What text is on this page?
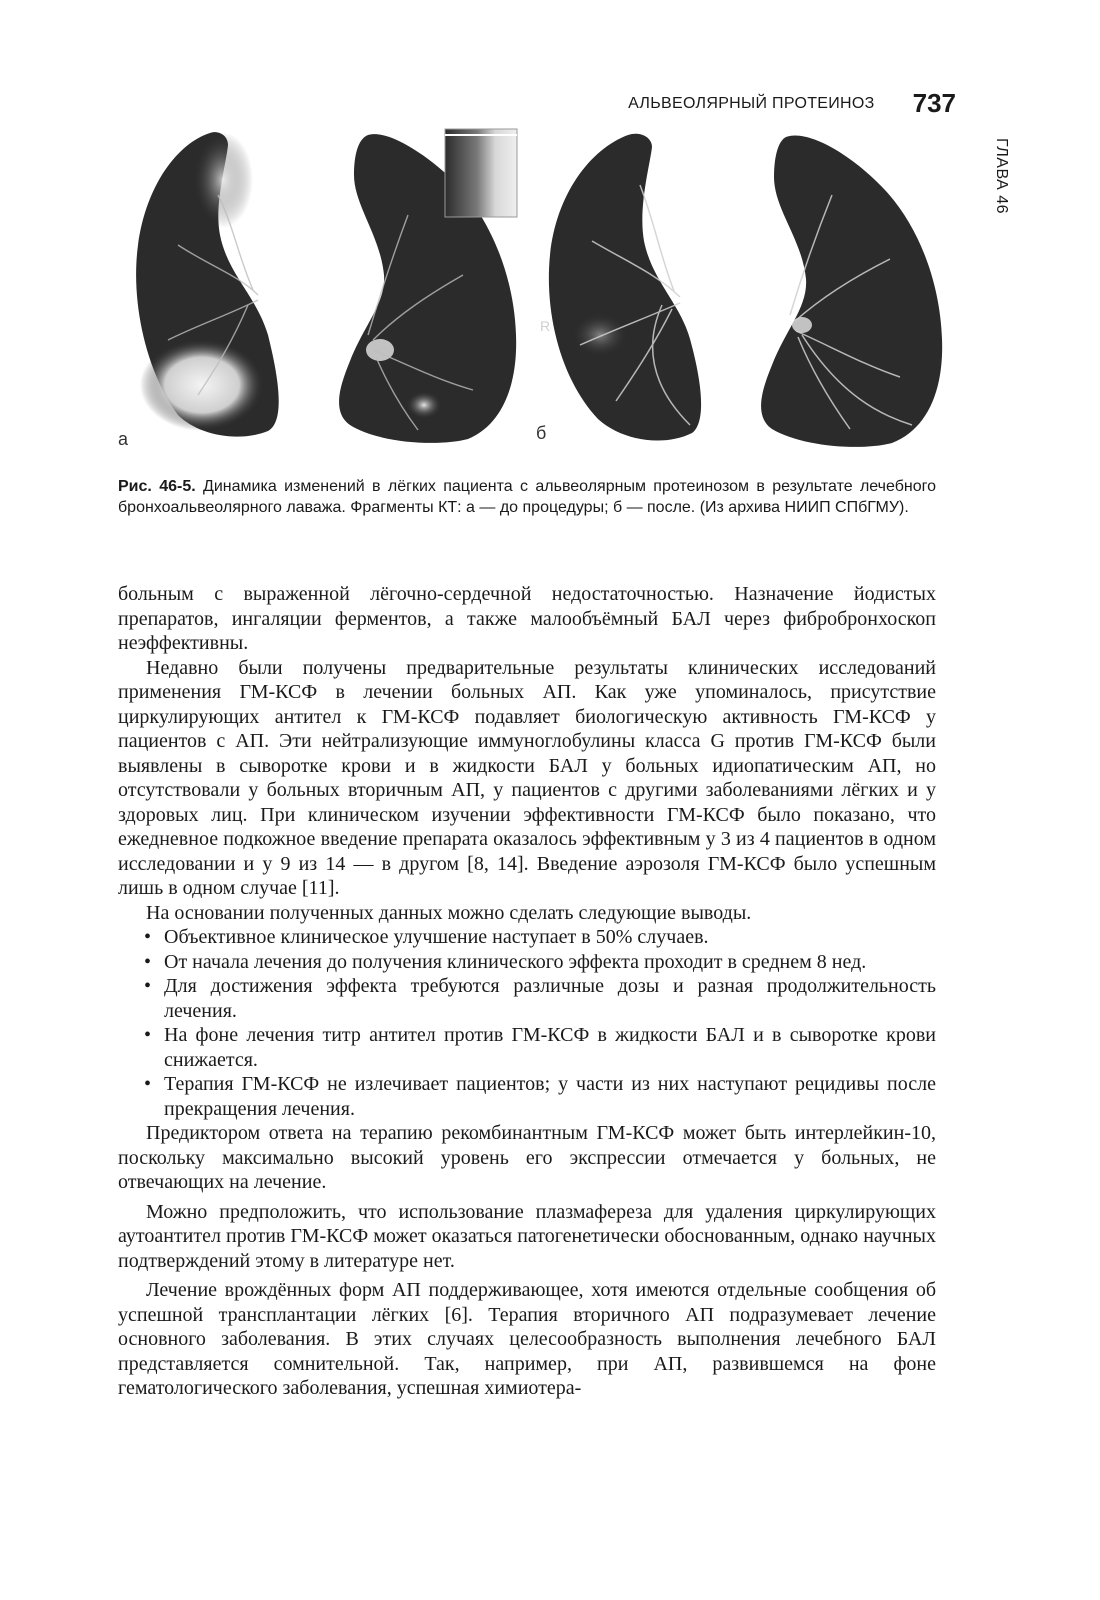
АЛЬВЕОЛЯРНЫЙ ПРОТЕИНОЗ 737
ГЛАВА 46
а
R
б
Рис. 46-5. Динамика изменений в лёгких пациента с альвеолярным протеинозом в результате лечебного бронхоальвеолярного лаважа. Фрагменты КТ: а — до процедуры; б — после. (Из архива НИИП СПбГМУ).

больным с выраженной лёгочно-сердечной недостаточностью. Назначение йодистых препаратов, ингаляции ферментов, а также малообъёмный БАЛ через фибробронхоскоп неэффективны.

Недавно были получены предварительные результаты клинических исследований применения ГМ-КСФ в лечении больных АП. Как уже упоминалось, присутствие циркулирующих антител к ГМ-КСФ подавляет биологическую активность ГМ-КСФ у пациентов с АП. Эти нейтрализующие иммуноглобулины класса G против ГМ-КСФ были выявлены в сыворотке крови и в жидкости БАЛ у больных идиопатическим АП, но отсутствовали у больных вторичным АП, у пациентов с другими заболеваниями лёгких и у здоровых лиц. При клиническом изучении эффективности ГМ-КСФ было показано, что ежедневное подкожное введение препарата оказалось эффективным у 3 из 4 пациентов в одном исследовании и у 9 из 14 — в другом [8, 14]. Введение аэрозоля ГМ-КСФ было успешным лишь в одном случае [11].

На основании полученных данных можно сделать следующие выводы.

• Объективное клиническое улучшение наступает в 50% случаев.
• От начала лечения до получения клинического эффекта проходит в среднем 8 нед.
• Для достижения эффекта требуются различные дозы и разная продолжительность лечения.
• На фоне лечения титр антител против ГМ-КСФ в жидкости БАЛ и в сыворотке крови снижается.
• Терапия ГМ-КСФ не излечивает пациентов; у части из них наступают рецидивы после прекращения лечения.

Предиктором ответа на терапию рекомбинантным ГМ-КСФ может быть интерлейкин-10, поскольку максимально высокий уровень его экспрессии отмечается у больных, не отвечающих на лечение.

Можно предположить, что использование плазмафереза для удаления циркулирующих аутоантител против ГМ-КСФ может оказаться патогенетически обоснованным, однако научных подтверждений этому в литературе нет.

Лечение врождённых форм АП поддерживающее, хотя имеются отдельные сообщения об успешной трансплантации лёгких [6]. Терапия вторичного АП подразумевает лечение основного заболевания. В этих случаях целесообразность выполнения лечебного БАЛ представляется сомнительной. Так, например, при АП, развившемся на фоне гематологического заболевания, успешная химиотера-
